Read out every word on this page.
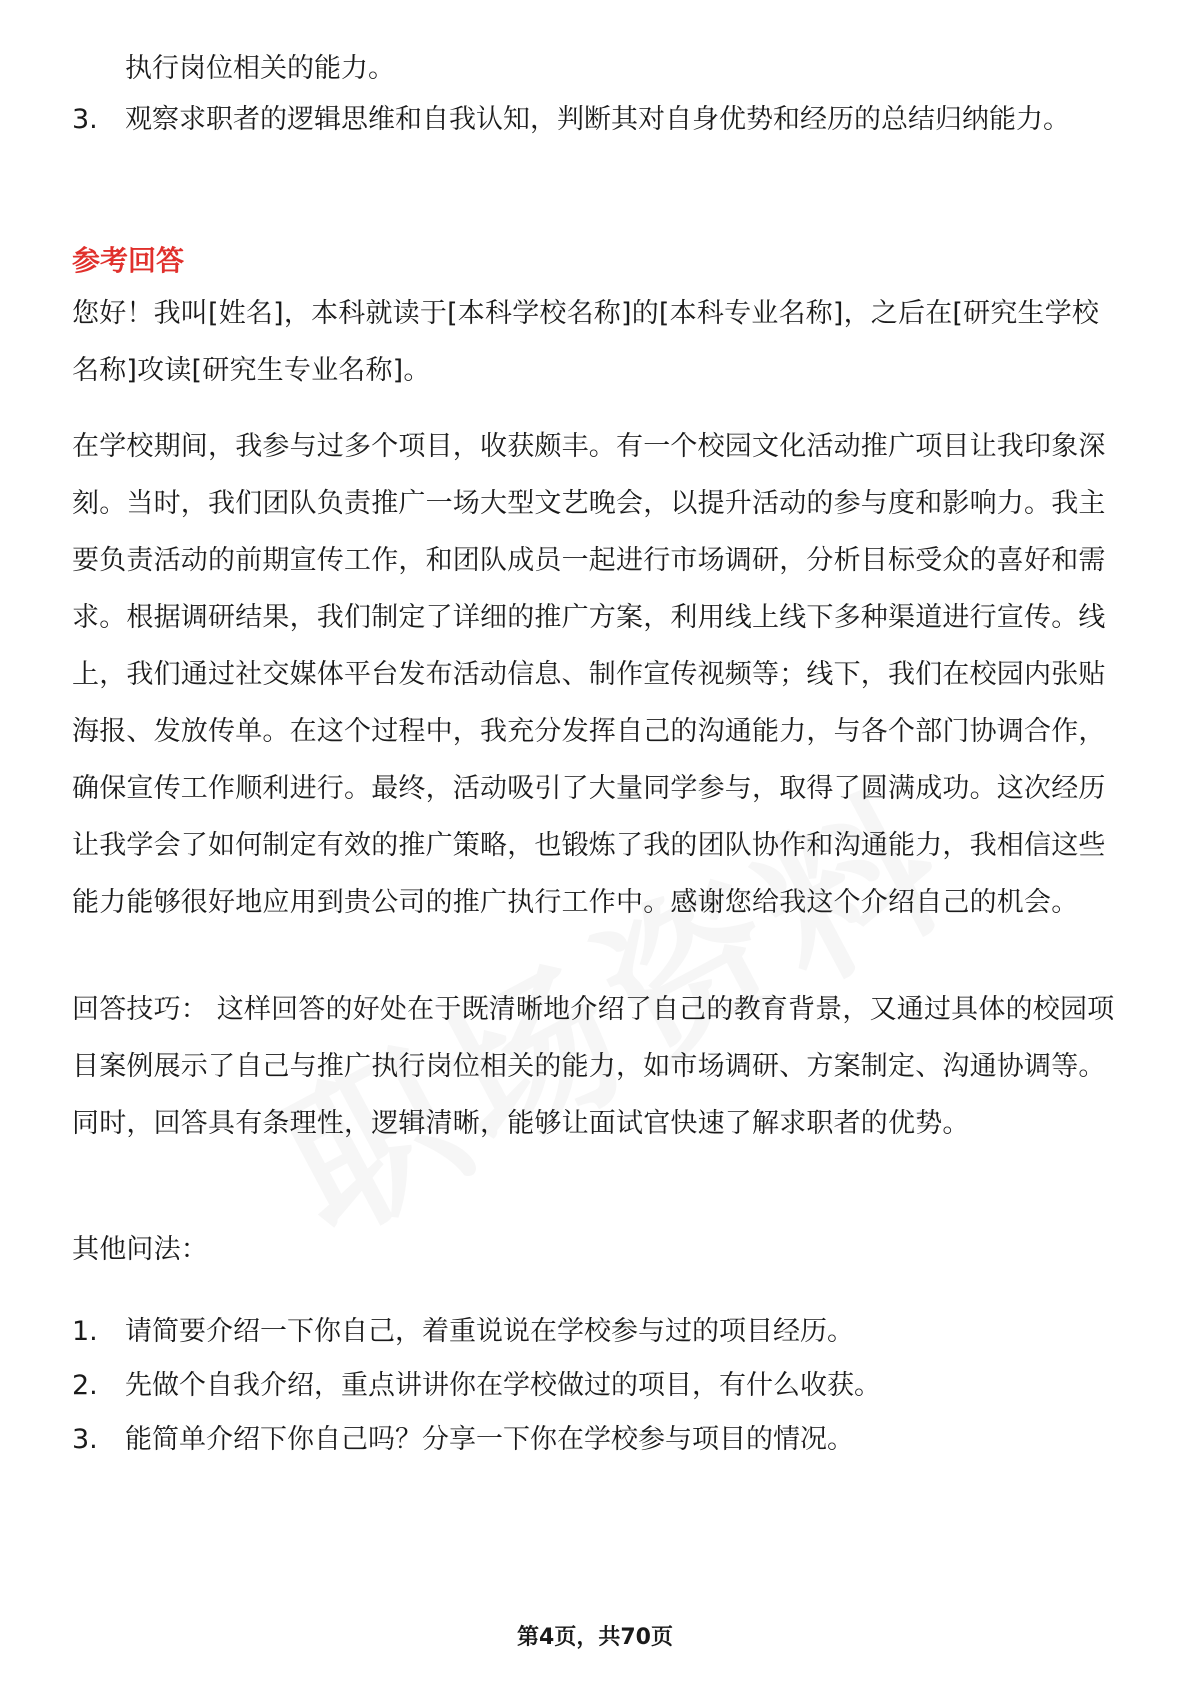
执行岗位相关的能力。

3. 观察求职者的逻辑思维和自我认知，判断其对自身优势和经历的总结归纳能力。

参考回答

您好！我叫[姓名]，本科就读于[本科学校名称]的[本科专业名称]，之后在[研究生学校名称]攻读[研究生专业名称]。

在学校期间，我参与过多个项目，收获颇丰。有一个校园文化活动推广项目让我印象深刻。当时，我们团队负责推广一场大型文艺晚会，以提升活动的参与度和影响力。我主要负责活动的前期宣传工作，和团队成员一起进行市场调研，分析目标受众的喜好和需求。根据调研结果，我们制定了详细的推广方案，利用线上线下多种渠道进行宣传。线上，我们通过社交媒体平台发布活动信息、制作宣传视频等；线下，我们在校园内张贴海报、发放传单。在这个过程中，我充分发挥自己的沟通能力，与各个部门协调合作，确保宣传工作顺利进行。最终，活动吸引了大量同学参与，取得了圆满成功。这次经历让我学会了如何制定有效的推广策略，也锻炼了我的团队协作和沟通能力，我相信这些能力能够很好地应用到贵公司的推广执行工作中。感谢您给我这个介绍自己的机会。

回答技巧： 这样回答的好处在于既清晰地介绍了自己的教育背景，又通过具体的校园项目案例展示了自己与推广执行岗位相关的能力，如市场调研、方案制定、沟通协调等。同时，回答具有条理性，逻辑清晰，能够让面试官快速了解求职者的优势。

其他问法：

1. 请简要介绍一下你自己，着重说说在学校参与过的项目经历。
2. 先做个自我介绍，重点讲讲你在学校做过的项目，有什么收获。
3. 能简单介绍下你自己吗？分享一下你在学校参与项目的情况。
第4页，共70页
